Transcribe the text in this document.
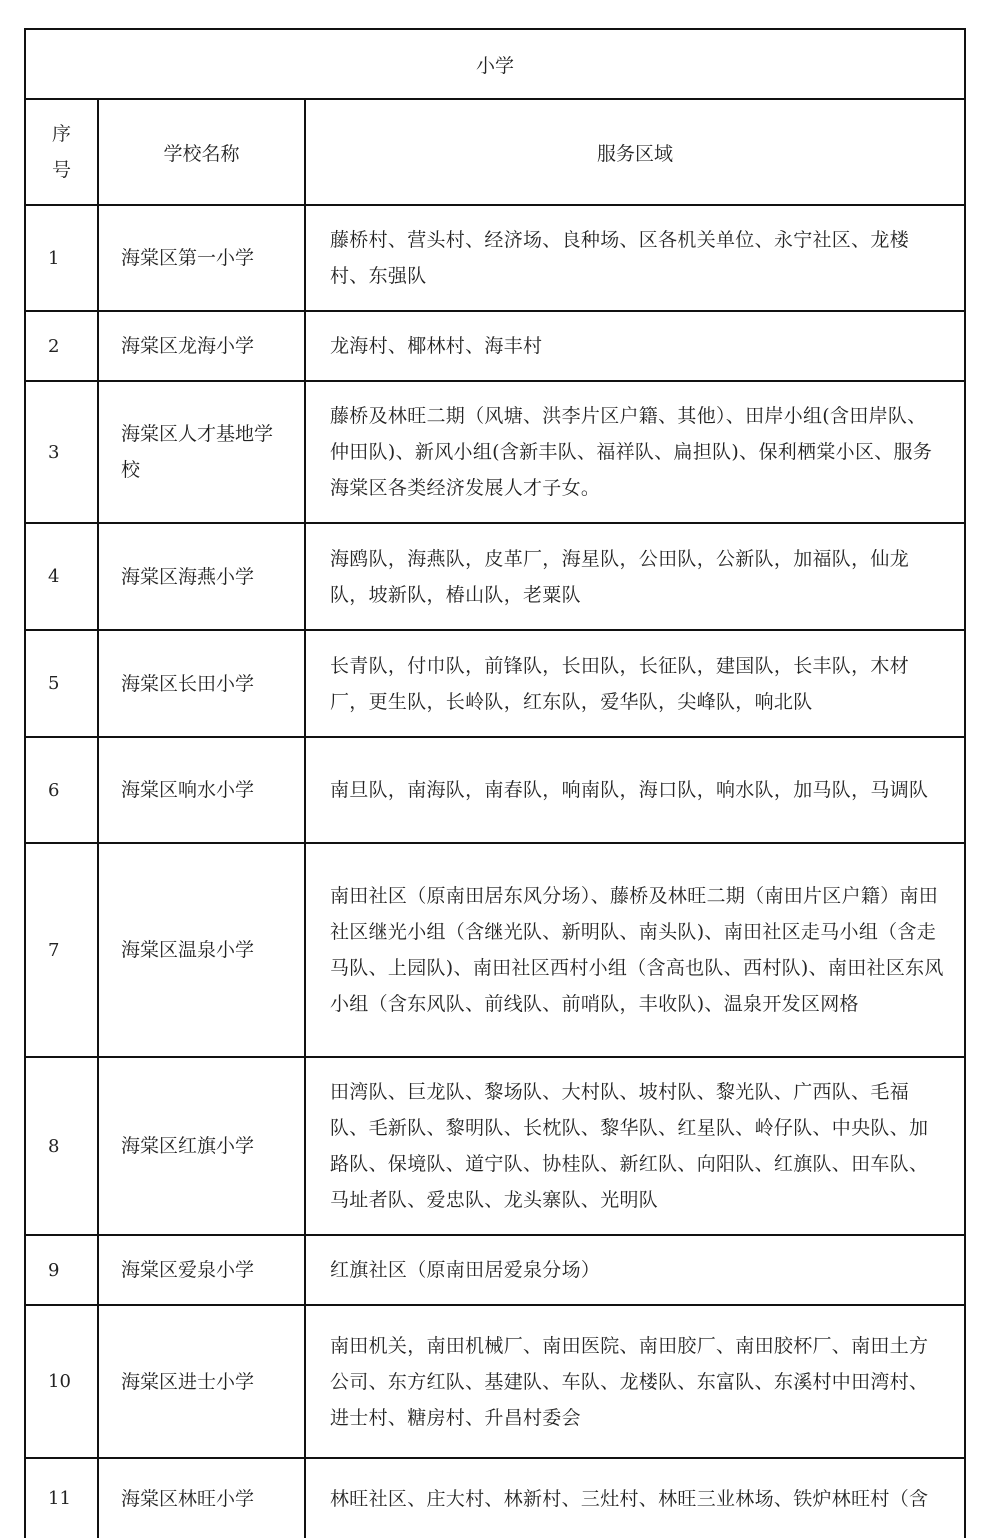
小学		

序号	学校名称	服务区域
1	海棠区第一小学	藤桥村、营头村、经济场、良种场、区各机关单位、永宁社区、龙楼村、东强队
2	海棠区龙海小学	龙海村、椰林村、海丰村
3	海棠区人才基地学校	藤桥及林旺二期（风塘、洪李片区户籍、其他）、田岸小组(含田岸队、仲田队)、新风小组(含新丰队、福祥队、扁担队)、保利栖棠小区、服务海棠区各类经济发展人才子女。
4	海棠区海燕小学	海鸥队，海燕队，皮革厂，海星队，公田队，公新队，加福队，仙龙队，坡新队，椿山队，老粟队
5	海棠区长田小学	长青队，付巾队，前锋队，长田队，长征队，建国队，长丰队，木材厂，更生队，长岭队，红东队，爱华队，尖峰队，响北队
6	海棠区响水小学	南旦队，南海队，南春队，响南队，海口队，响水队，加马队，马调队
7	海棠区温泉小学	南田社区（原南田居东风分场）、藤桥及林旺二期（南田片区户籍）南田社区继光小组（含继光队、新明队、南头队)、南田社区走马小组（含走马队、上园队)、南田社区西村小组（含高也队、西村队)、南田社区东风小组（含东风队、前线队、前哨队，丰收队)、温泉开发区网格
8	海棠区红旗小学	田湾队、巨龙队、黎场队、大村队、坡村队、黎光队、广西队、毛福队、毛新队、黎明队、长枕队、黎华队、红星队、岭仔队、中央队、加路队、保境队、道宁队、协桂队、新红队、向阳队、红旗队、田车队、马址者队、爱忠队、龙头寨队、光明队
9	海棠区爱泉小学	红旗社区（原南田居爱泉分场）
10	海棠区进士小学	南田机关，南田机械厂、南田医院、南田胶厂、南田胶杯厂、南田土方公司、东方红队、基建队、车队、龙楼队、东富队、东溪村中田湾村、进士村、糖房村、升昌村委会
11	海棠区林旺小学	林旺社区、庄大村、林新村、三灶村、林旺三业林场、铁炉林旺村（含
